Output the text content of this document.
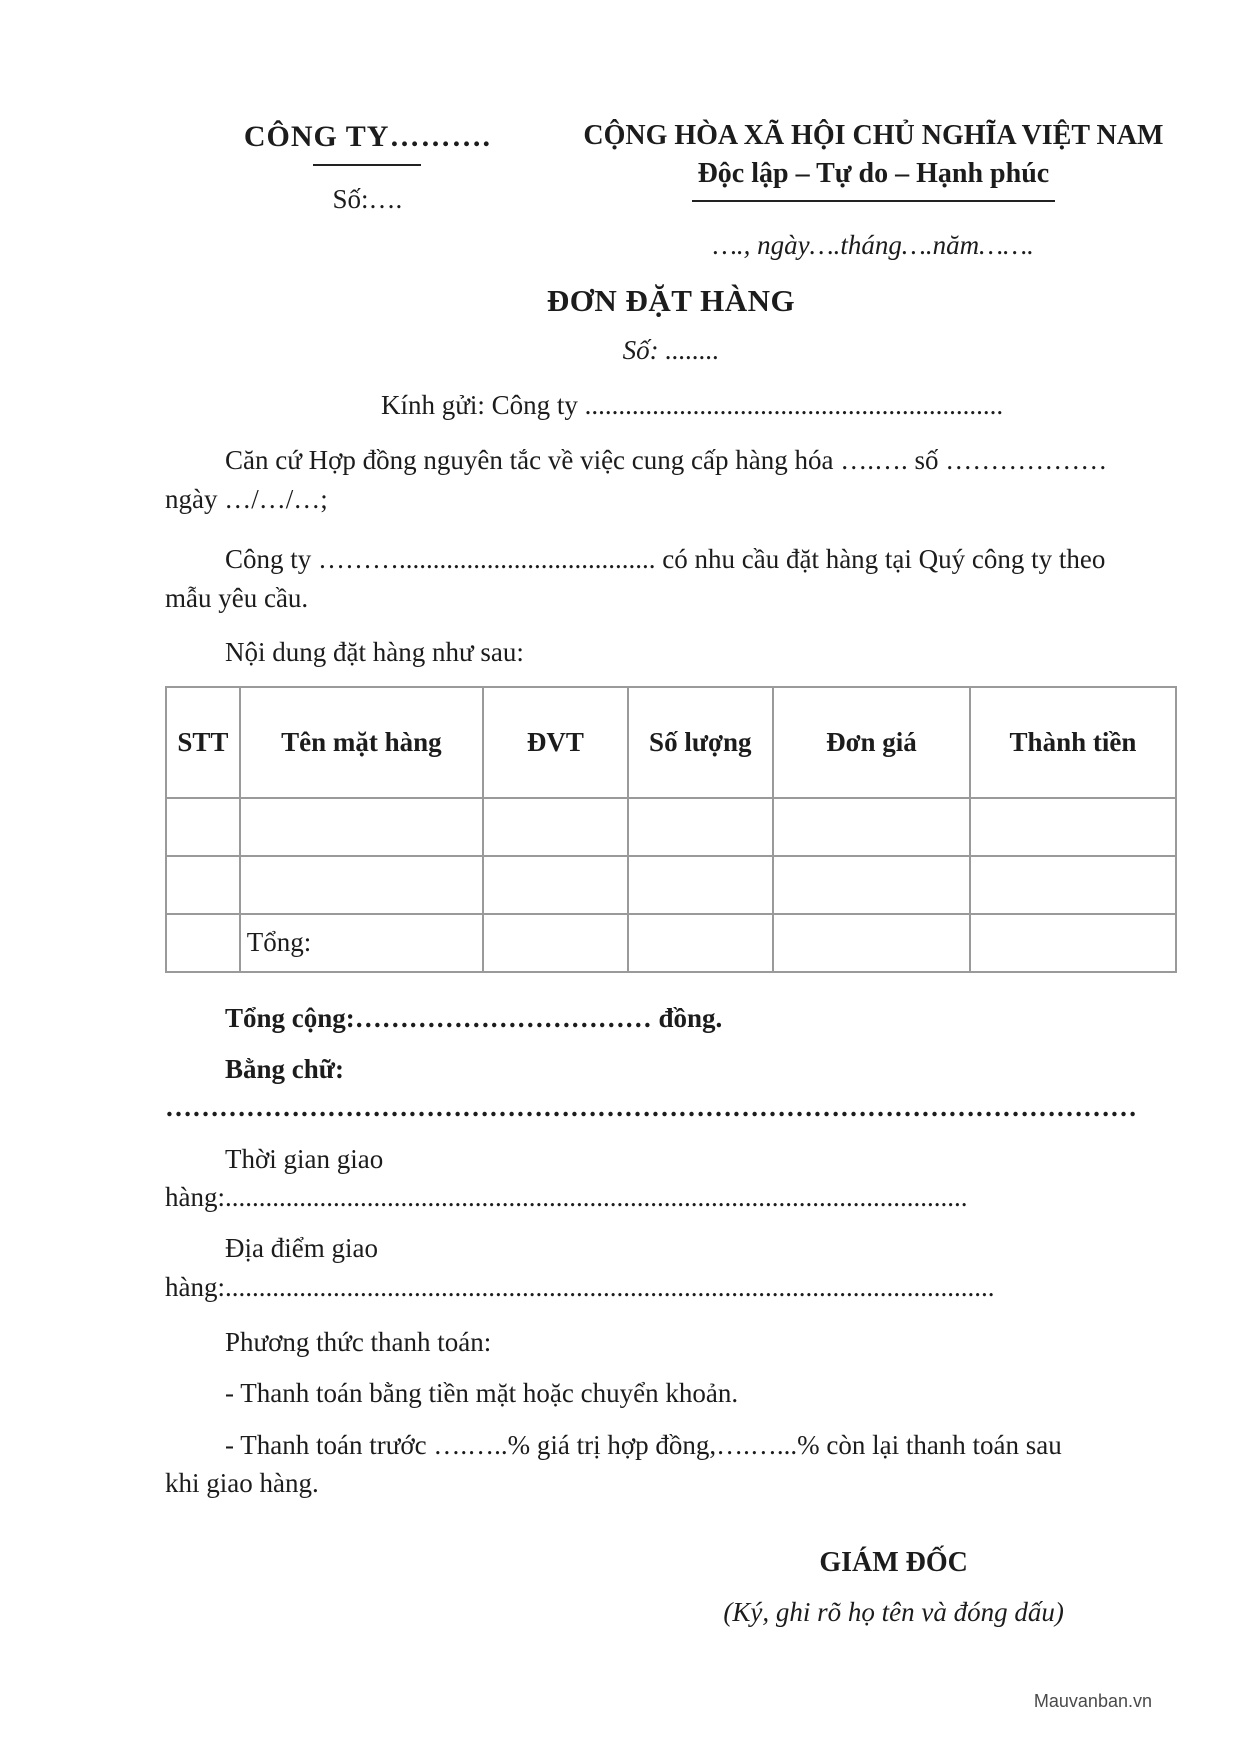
CÔNG TY……….
Số:….
CỘNG HÒA XÃ HỘI CHỦ NGHĨA VIỆT NAM
Độc lập – Tự do – Hạnh phúc
…., ngày….tháng….năm…….
ĐƠN ĐẶT HÀNG
Số: ........
Kính gửi: Công ty ..............................................................
Căn cứ Hợp đồng nguyên tắc về việc cung cấp hàng hóa ….…. số ………………
ngày …/…/…;
Công ty ………...................................... có nhu cầu đặt hàng tại Quý công ty theo
mẫu yêu cầu.
Nội dung đặt hàng như sau:
STT	Tên mặt hàng	ĐVT	Số lượng	Đơn giá	Thành tiền

	Tổng:				
Tổng cộng:…………………………… đồng.
Bằng chữ: ………………………………………………………………………………………………
Thời gian giao hàng:..............................................................................................................
Địa điểm giao hàng:..................................................................................................................
Phương thức thanh toán:
- Thanh toán bằng tiền mặt hoặc chuyển khoản.
- Thanh toán trước ….…..% giá trị hợp đồng,….…...% còn lại thanh toán sau
khi giao hàng.
GIÁM ĐỐC
(Ký, ghi rõ họ tên và đóng dấu)
Mauvanban.vn
